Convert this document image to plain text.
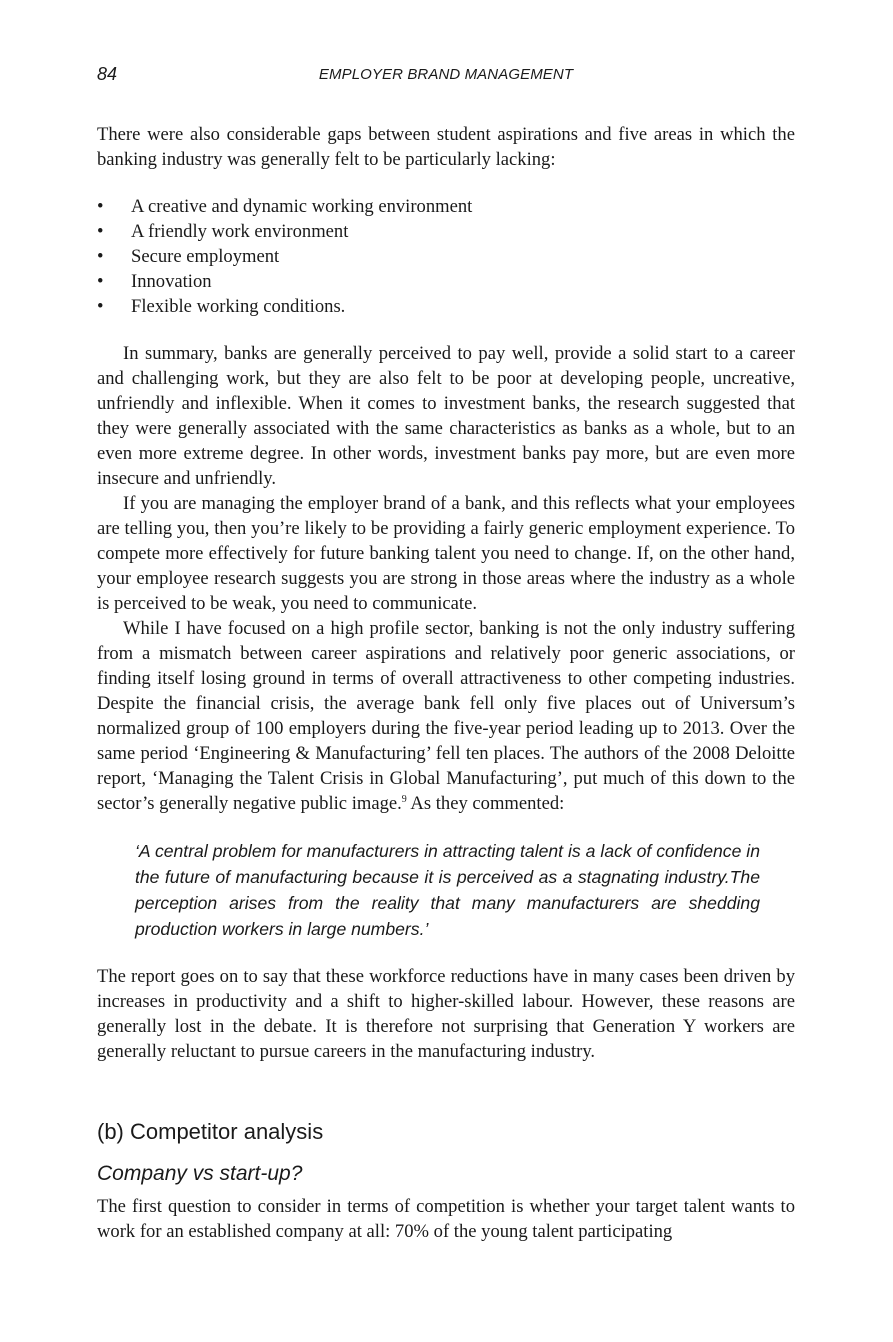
84	EMPLOYER BRAND MANAGEMENT

There were also considerable gaps between student aspirations and five areas in which the banking industry was generally felt to be particularly lacking:

• A creative and dynamic working environment
• A friendly work environment
• Secure employment
• Innovation
• Flexible working conditions.

In summary, banks are generally perceived to pay well, provide a solid start to a career and challenging work, but they are also felt to be poor at developing people, uncreative, unfriendly and inflexible. When it comes to investment banks, the research suggested that they were generally associated with the same characteristics as banks as a whole, but to an even more extreme degree. In other words, investment banks pay more, but are even more insecure and unfriendly.

If you are managing the employer brand of a bank, and this reflects what your employees are telling you, then you’re likely to be providing a fairly generic employment experience. To compete more effectively for future banking talent you need to change. If, on the other hand, your employee research suggests you are strong in those areas where the industry as a whole is perceived to be weak, you need to communicate.

While I have focused on a high profile sector, banking is not the only industry suffering from a mismatch between career aspirations and relatively poor generic associations, or finding itself losing ground in terms of overall attractiveness to other competing industries. Despite the financial crisis, the average bank fell only five places out of Universum’s normalized group of 100 employers during the five-year period leading up to 2013. Over the same period ‘Engineering & Manufacturing’ fell ten places. The authors of the 2008 Deloitte report, ‘Managing the Talent Crisis in Global Manufacturing’, put much of this down to the sector’s generally negative public image.$^9$ As they commented:

‘A central problem for manufacturers in attracting talent is a lack of confidence in the future of manufacturing because it is perceived as a stagnating industry.The perception arises from the reality that many manufacturers are shedding production workers in large numbers.’

The report goes on to say that these workforce reductions have in many cases been driven by increases in productivity and a shift to higher-skilled labour. However, these reasons are generally lost in the debate. It is therefore not surprising that Generation Y workers are generally reluctant to pursue careers in the manufacturing industry.

(b) Competitor analysis
Company vs start-up?

The first question to consider in terms of competition is whether your target talent wants to work for an established company at all: 70% of the young talent participating
